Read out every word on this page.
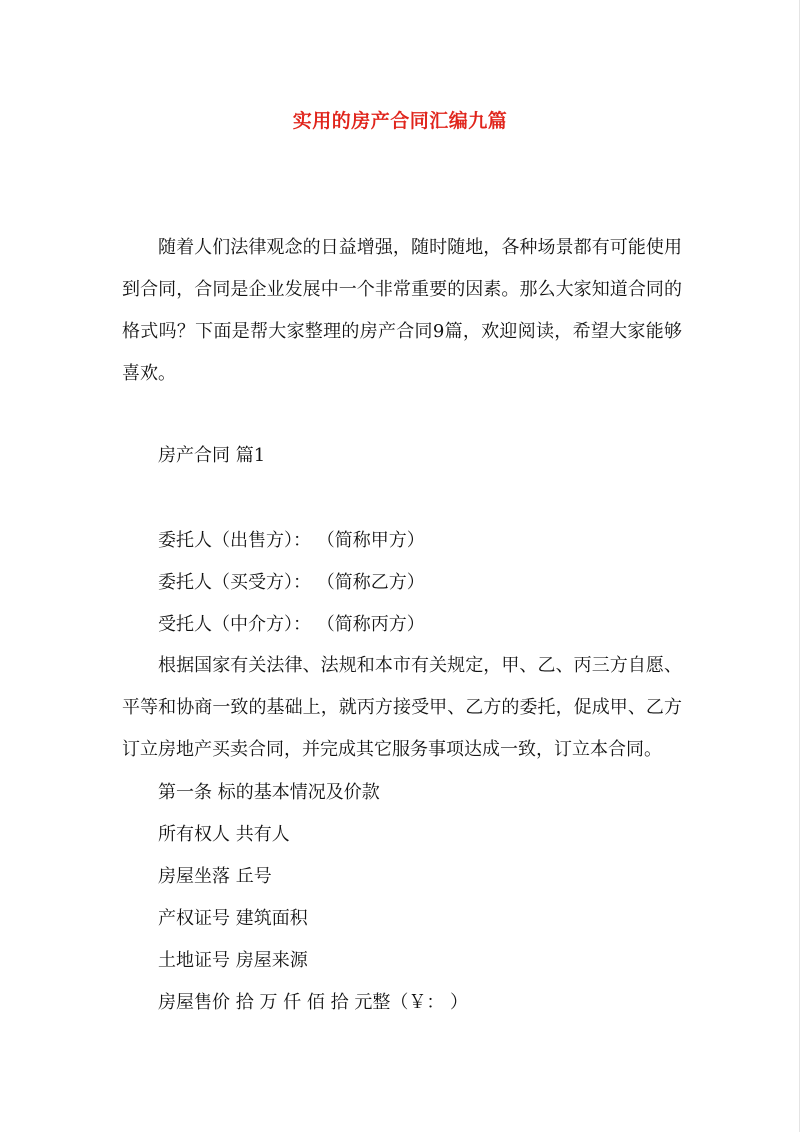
实用的房产合同汇编九篇
随着人们法律观念的日益增强，随时随地，各种场景都有可能使用到合同，合同是企业发展中一个非常重要的因素。那么大家知道合同的格式吗？下面是帮大家整理的房产合同9篇，欢迎阅读，希望大家能够喜欢。
房产合同 篇1
委托人（出售方）： （简称甲方）
委托人（买受方）： （简称乙方）
受托人（中介方）： （简称丙方）
根据国家有关法律、法规和本市有关规定，甲、乙、丙三方自愿、平等和协商一致的基础上，就丙方接受甲、乙方的委托，促成甲、乙方订立房地产买卖合同，并完成其它服务事项达成一致，订立本合同。
第一条 标的基本情况及价款
所有权人 共有人
房屋坐落 丘号
产权证号 建筑面积
土地证号 房屋来源
房屋售价 拾 万 仟 佰 拾 元整（￥： ）
